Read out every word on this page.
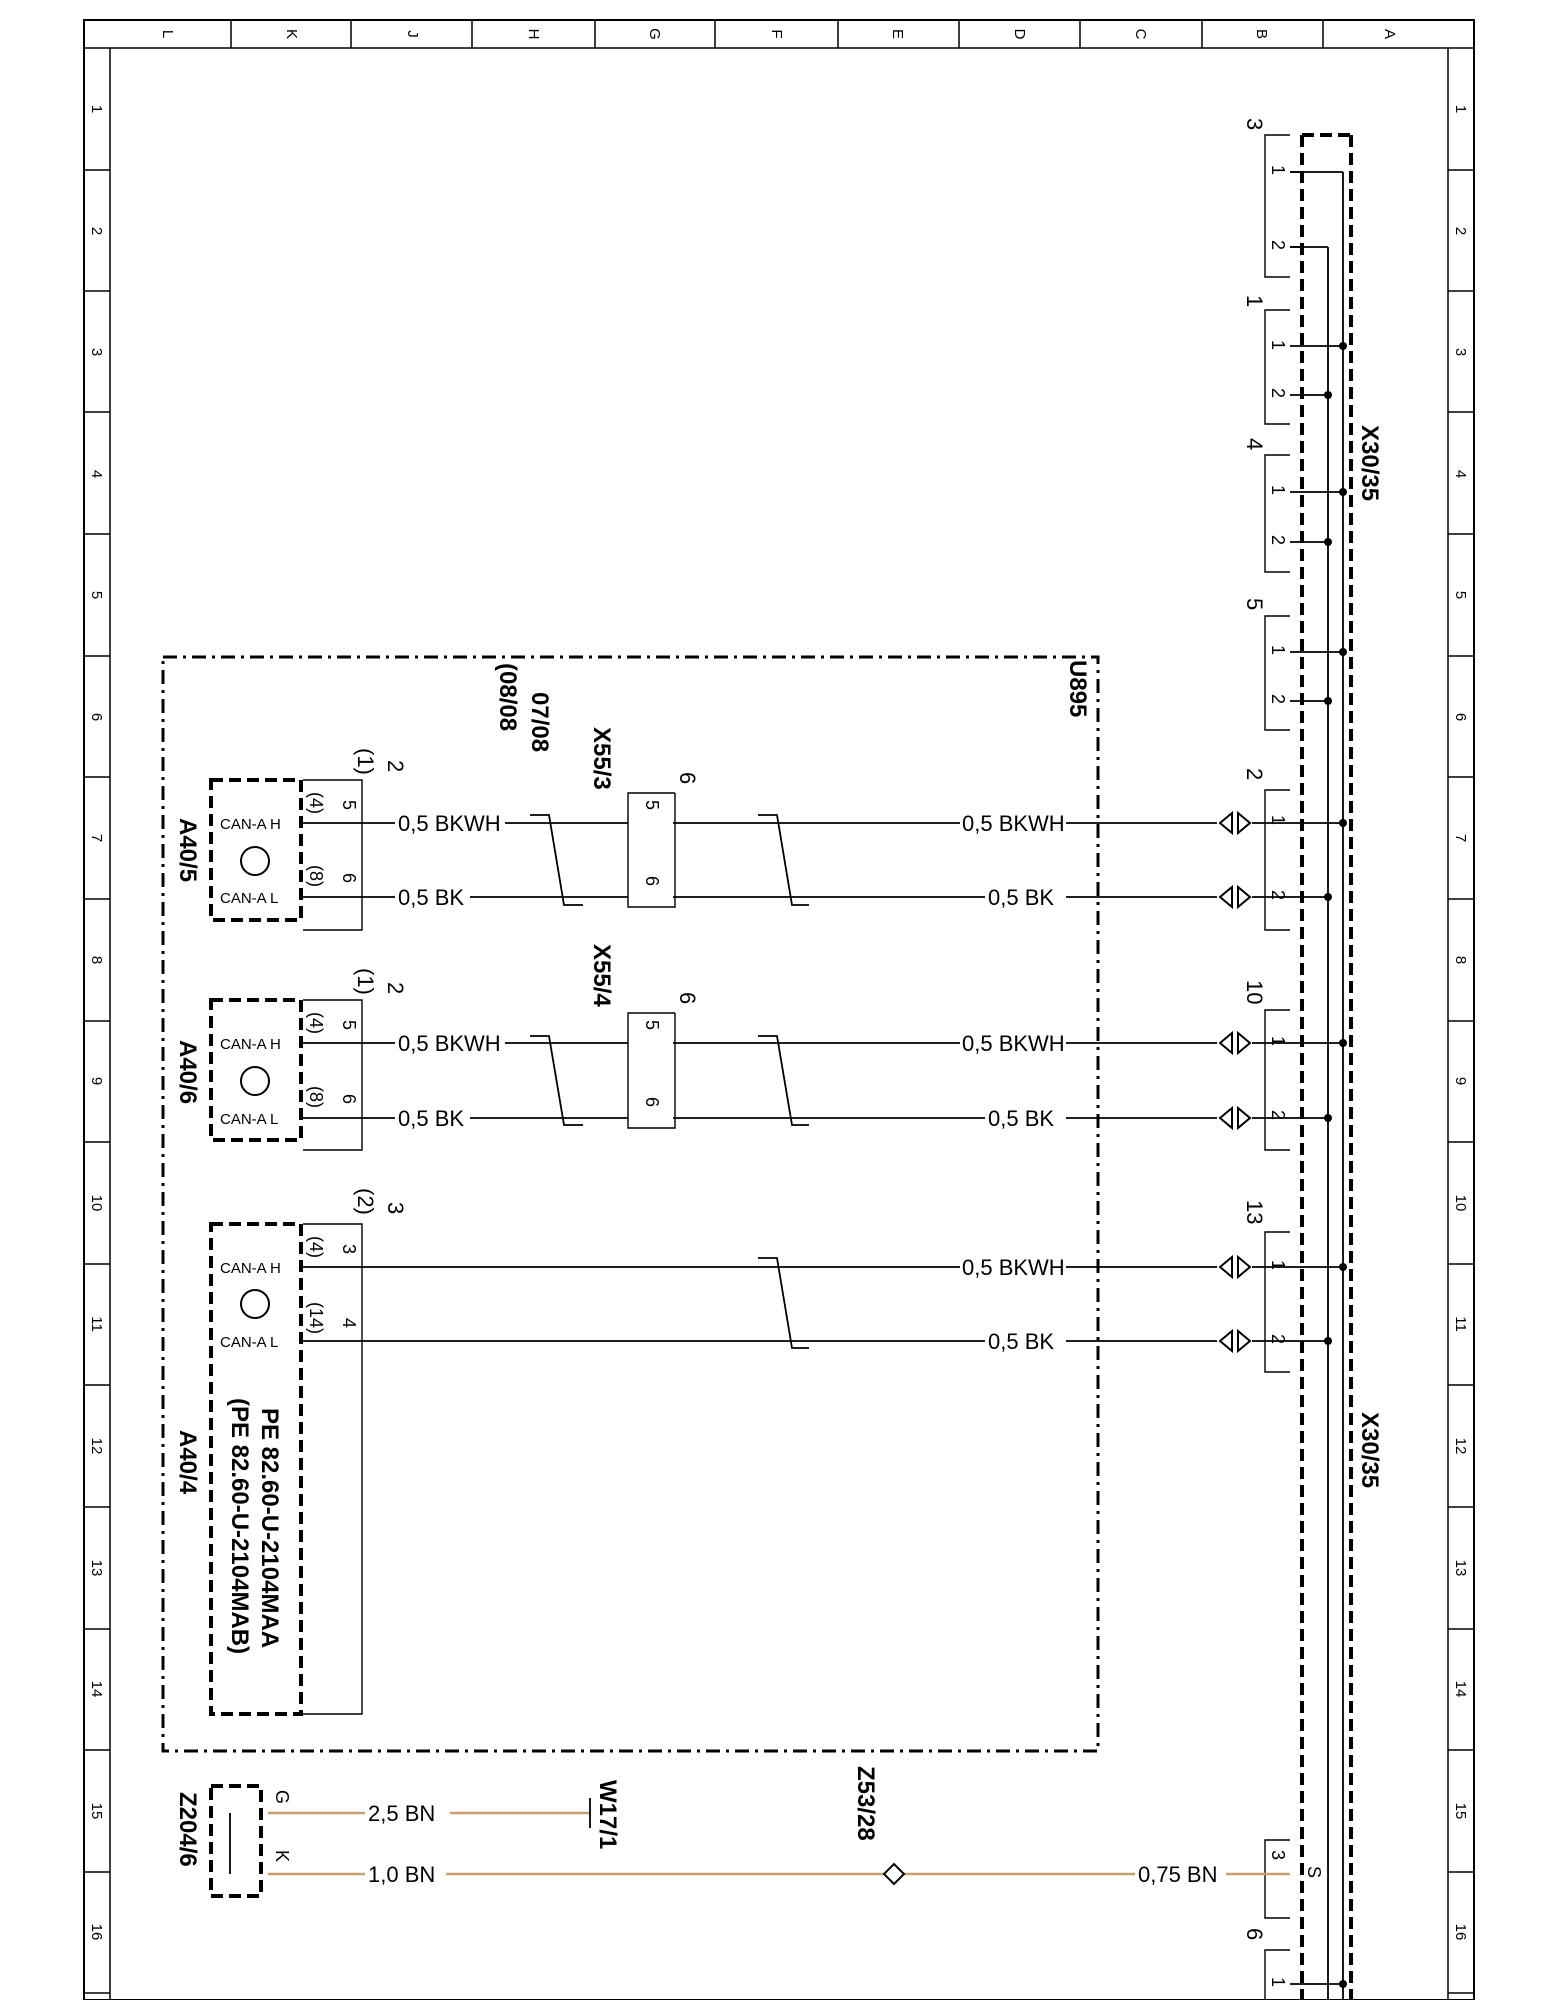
L	K	J	H	G	F	E	D	C	B	A
1
2
3
4
5
6
7
8
9
10
11
12
13
14
15
16
1
2
3
4
5
6
7
8
9
10
11
12
13
14
15
16
U895
3
1
2
1
1
2
4
1
2
5
1
2
2
1
2
10
1
2
13
1
2
3
S
6
1
X30/35
X30/35
0,5 BKWH
0,5 BK
0,5 BKWH
0,5 BK
0,5 BKWH
0,5 BK
0,5 BKWH
0,5 BK
0,5 BKWH
0,5 BK
5
6
6
X55/3
5
6
6
X55/4
07/08
(08/08
CAN-A H
CAN-A L
2
(1)
5
(4)
6
(8)
A40/5
CAN-A H
CAN-A L
2
(1)
5
(4)
6
(8)
A40/6
CAN-A H
CAN-A L
3
(2)
3
(4)
4
(14)
PE 82.60-U-2104MAA
(PE 82.60-U-2104MAB)
A40/4
G
K
Z204/6	2,5 BN	W17/1
1,0 BN
Z53/28
0,75 BN
